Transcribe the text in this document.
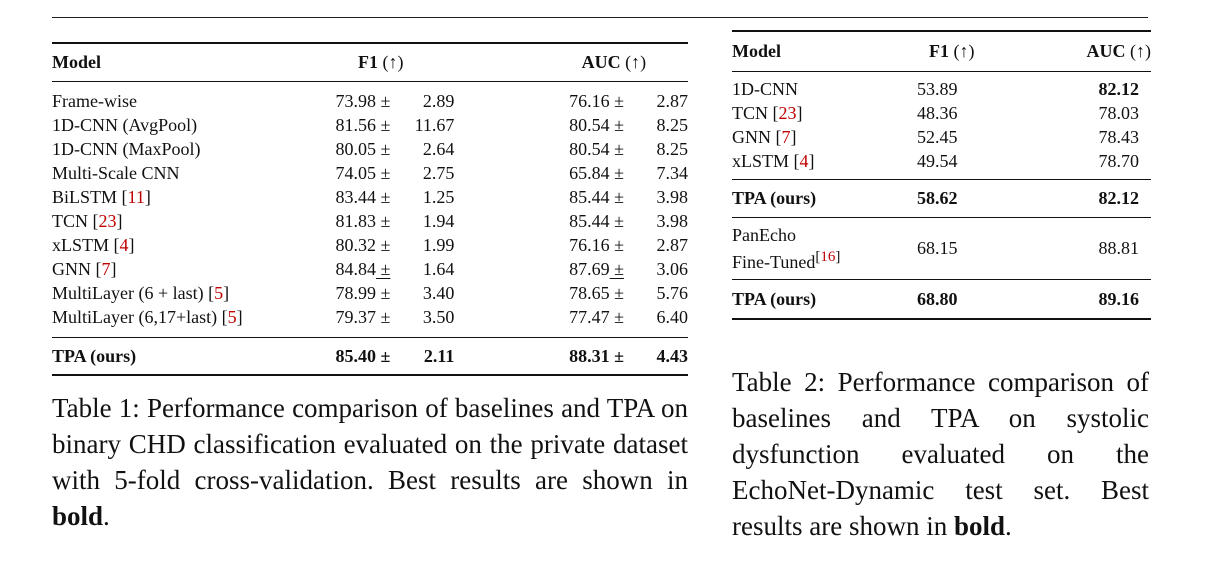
Model	F1 (↑)	AUC (↑)

Frame-wise	73.98 ± 2.89	76.16 ± 2.87
1D-CNN (AvgPool)	81.56 ± 11.67	80.54 ± 8.25
1D-CNN (MaxPool)	80.05 ± 2.64	80.54 ± 8.25
Multi-Scale CNN	74.05 ± 2.75	65.84 ± 7.34
BiLSTM [11]	83.44 ± 1.25	85.44 ± 3.98
TCN [23]	81.83 ± 1.94	85.44 ± 3.98
xLSTM [4]	80.32 ± 1.99	76.16 ± 2.87
GNN [7]	84.84 ± 1.64	87.69 ± 3.06
MultiLayer (6 + last) [5]	78.99 ± 3.40	78.65 ± 5.76
MultiLayer (6,17+last) [5]	79.37 ± 3.50	77.47 ± 6.40

TPA (ours)	85.40 ± 2.11	88.31 ± 4.43
Model	F1 (↑)	AUC (↑)

1D-CNN	53.89	82.12
TCN [23]	48.36	78.03
GNN [7]	52.45	78.43
xLSTM [4]	49.54	78.70

TPA (ours)	58.62	82.12
PanEcho
Fine-Tuned[16]	68.15	88.81
TPA (ours)	68.80	89.16
Table 1: Performance comparison of baselines and TPA on binary CHD classification evaluated on the private dataset with 5-fold cross-validation. Best results are shown in bold.
Table 2: Performance comparison of baselines and TPA on systolic dysfunction evaluated on the EchoNet-Dynamic test set. Best results are shown in bold.
